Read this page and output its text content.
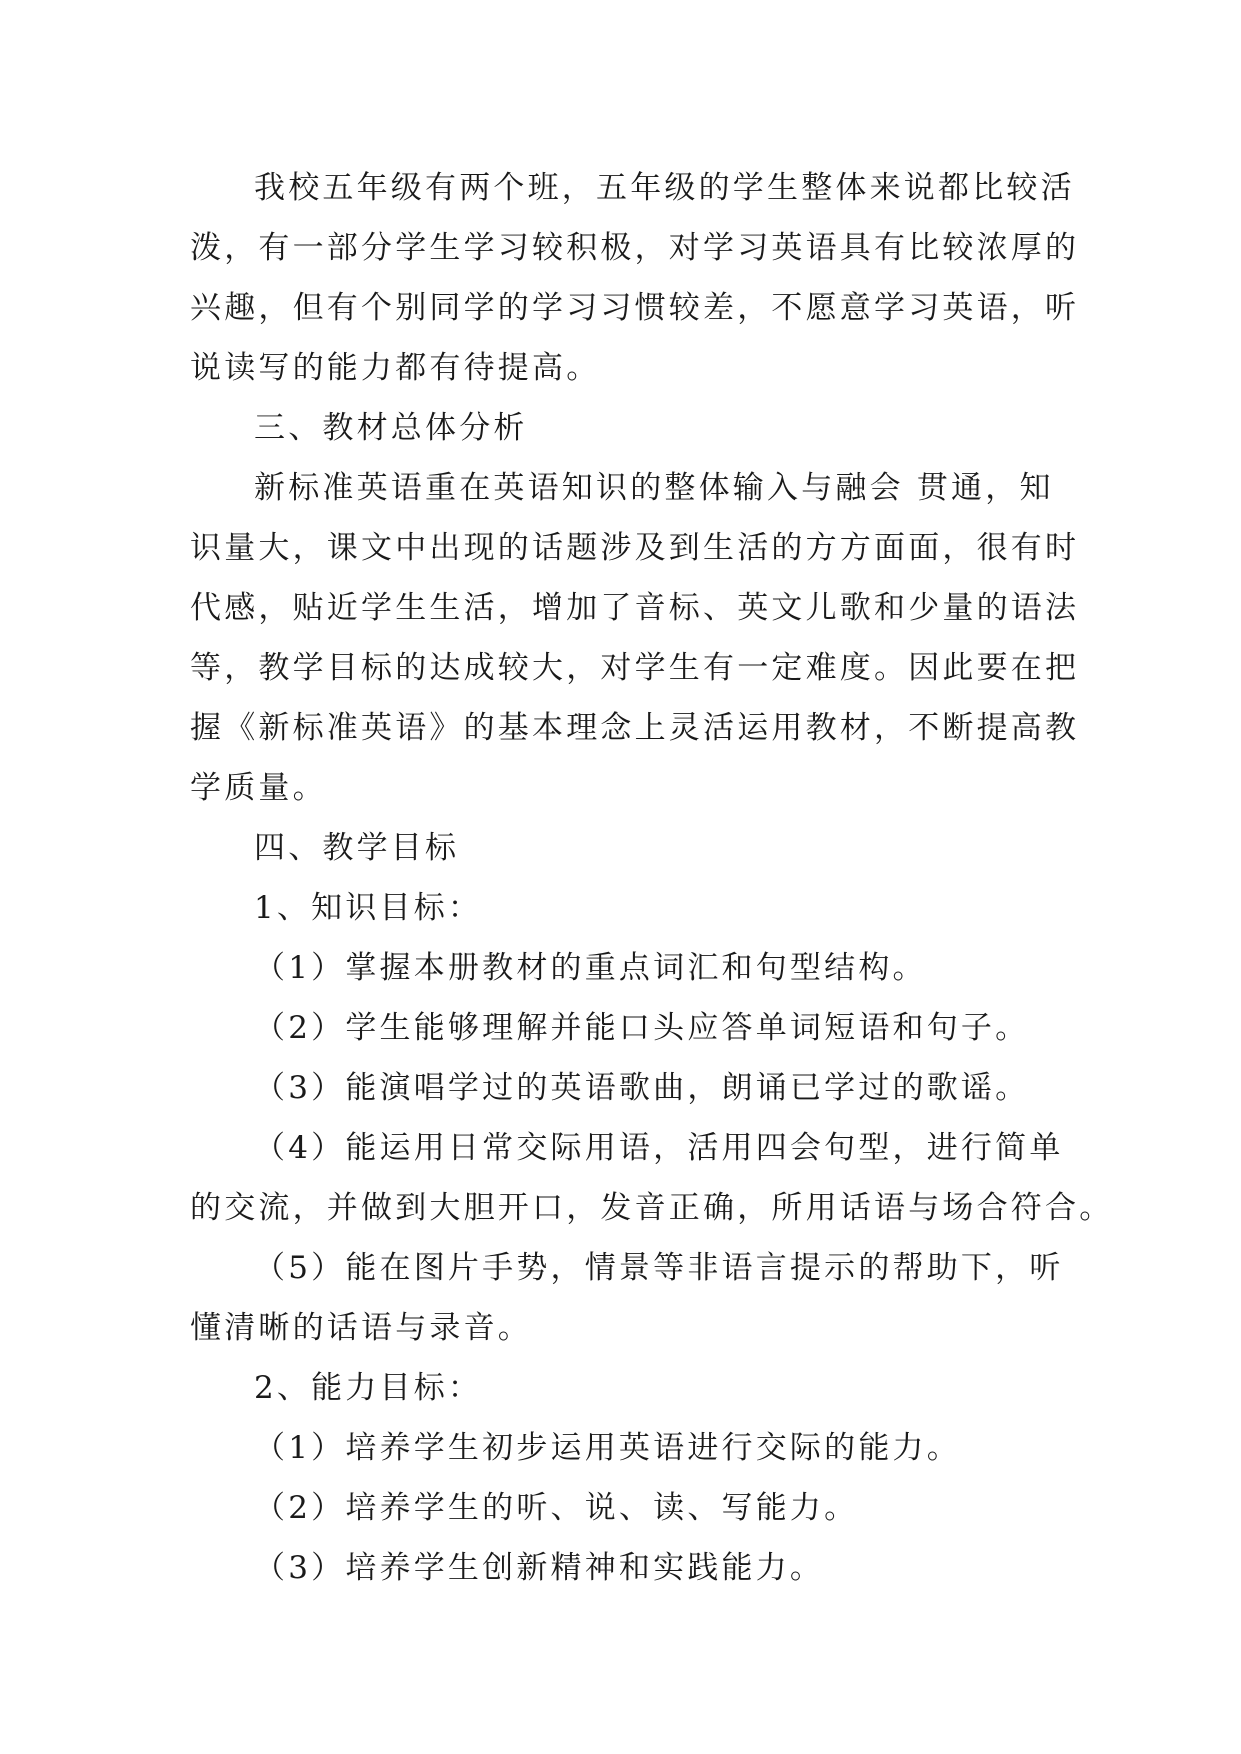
我校五年级有两个班，五年级的学生整体来说都比较活

泼，有一部分学生学习较积极，对学习英语具有比较浓厚的

兴趣，但有个别同学的学习习惯较差，不愿意学习英语，听

说读写的能力都有待提高。

三、教材总体分析

新标准英语重在英语知识的整体输入与融会 贯通，知

识量大，课文中出现的话题涉及到生活的方方面面，很有时

代感，贴近学生生活，增加了音标、英文儿歌和少量的语法

等，教学目标的达成较大，对学生有一定难度。因此要在把

握《新标准英语》的基本理念上灵活运用教材，不断提高教

学质量。

四、教学目标

1、知识目标：

（1）掌握本册教材的重点词汇和句型结构。

（2）学生能够理解并能口头应答单词短语和句子。

（3）能演唱学过的英语歌曲，朗诵已学过的歌谣。

（4）能运用日常交际用语，活用四会句型，进行简单

的交流，并做到大胆开口，发音正确，所用话语与场合符合。

（5）能在图片手势，情景等非语言提示的帮助下，听

懂清晰的话语与录音。

2、能力目标：

（1）培养学生初步运用英语进行交际的能力。

（2）培养学生的听、说、读、写能力。

（3）培养学生创新精神和实践能力。
